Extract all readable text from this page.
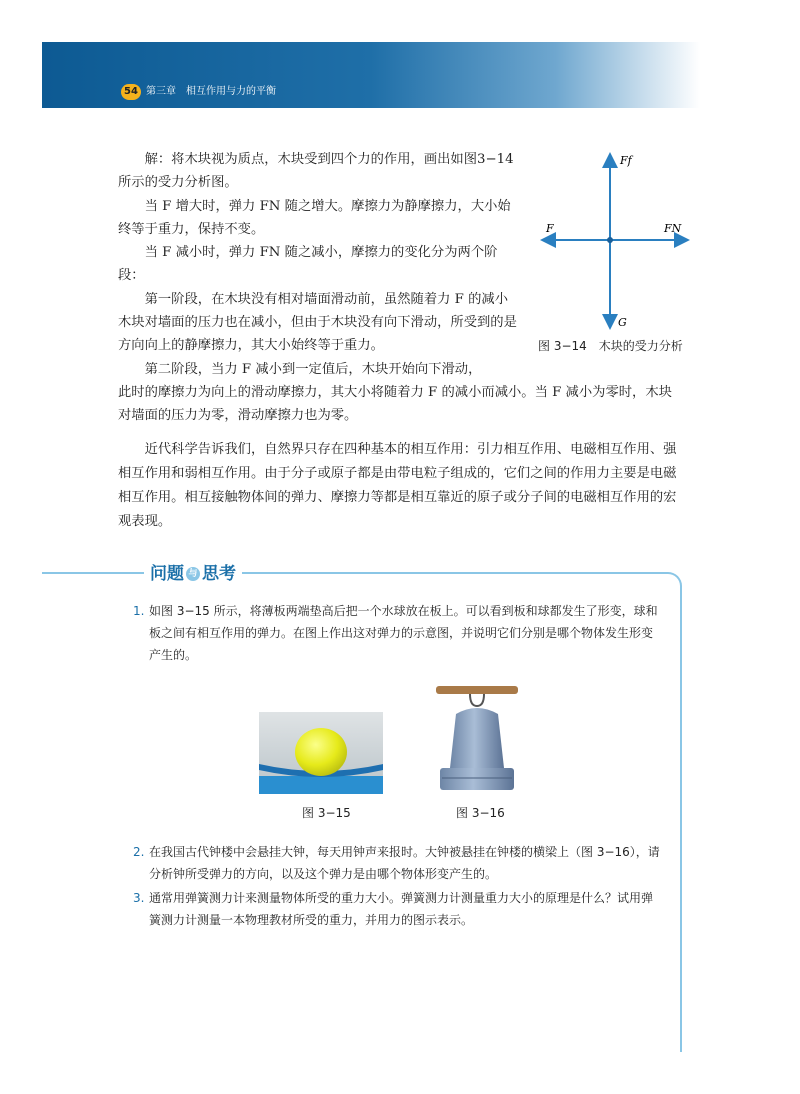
54 第三章 相互作用与力的平衡

解：将木块视为质点，木块受到四个力的作用，画出如图3−14 所示的受力分析图。

当 F 增大时，弹力 FN 随之增大。摩擦力为静摩擦力，大小始终等于重力，保持不变。

当 F 减小时，弹力 FN 随之减小，摩擦力的变化分为两个阶段：

第一阶段，在木块没有相对墙面滑动前，虽然随着力 F 的减小木块对墙面的压力也在减小，但由于木块没有向下滑动，所受到的是方向向上的静摩擦力，其大小始终等于重力。

第二阶段，当力 F 减小到一定值后，木块开始向下滑动，

此时的摩擦力为向上的滑动摩擦力，其大小将随着力 F 的减小而减小。当 F 减小为零时，木块对墙面的压力为零，滑动摩擦力也为零。

Ff
F	FN
G
图 3−14　木块的受力分析

近代科学告诉我们，自然界只存在四种基本的相互作用：引力相互作用、电磁相互作用、强相互作用和弱相互作用。由于分子或原子都是由带电粒子组成的，它们之间的作用力主要是电磁相互作用。相互接触物体间的弹力、摩擦力等都是相互靠近的原子或分子间的电磁相互作用的宏观表现。

问题 与 思考
1. 如图 3−15 所示，将薄板两端垫高后把一个水球放在板上。可以看到板和球都发生了形变，球和板之间有相互作用的弹力。在图上作出这对弹力的示意图，并说明它们分别是哪个物体发生形变产生的。
图 3−15	图 3−16
2. 在我国古代钟楼中会悬挂大钟，每天用钟声来报时。大钟被悬挂在钟楼的横梁上（图 3−16），请分析钟所受弹力的方向，以及这个弹力是由哪个物体形变产生的。
3. 通常用弹簧测力计来测量物体所受的重力大小。弹簧测力计测量重力大小的原理是什么？试用弹簧测力计测量一本物理教材所受的重力，并用力的图示表示。
